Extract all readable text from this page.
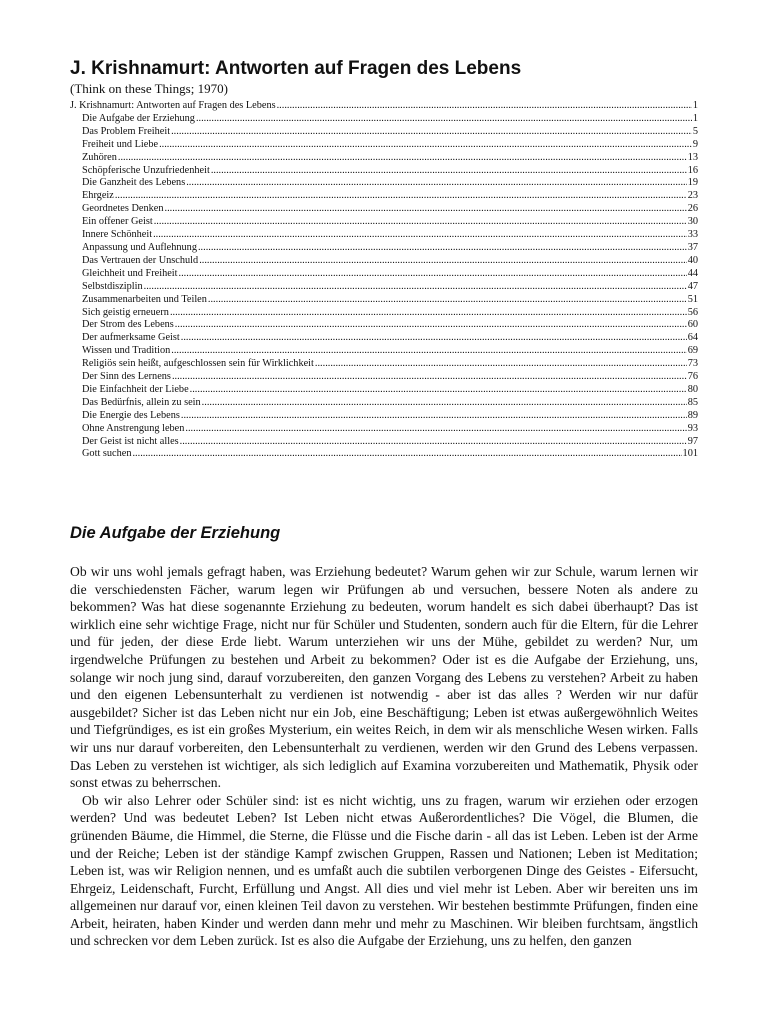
J. Krishnamurt: Antworten auf Fragen des Lebens
(Think on these Things; 1970)
J. Krishnamurt: Antworten auf Fragen des Lebens .....	1
Die Aufgabe der Erziehung .....	1
Das Problem Freiheit .....	5
Freiheit und Liebe .....	9
Zuhören .....	13
Schöpferische Unzufriedenheit .....	16
Die Ganzheit des Lebens .....	19
Ehrgeiz .....	23
Geordnetes Denken .....	26
Ein offener Geist .....	30
Innere Schönheit .....	33
Anpassung und Auflehnung .....	37
Das Vertrauen der Unschuld .....	40
Gleichheit und Freiheit .....	44
Selbstdisziplin .....	47
Zusammenarbeiten und Teilen .....	51
Sich geistig erneuern .....	56
Der Strom des Lebens .....	60
Der aufmerksame Geist .....	64
Wissen und Tradition .....	69
Religiös sein heißt, aufgeschlossen sein für Wirklichkeit .....	73
Der Sinn des Lernens .....	76
Die Einfachheit der Liebe .....	80
Das Bedürfnis, allein zu sein .....	85
Die Energie des Lebens .....	89
Ohne Anstrengung leben .....	93
Der Geist ist nicht alles .....	97
Gott suchen .....	101
Die Aufgabe der Erziehung

Ob wir uns wohl jemals gefragt haben, was Erziehung bedeutet? Warum gehen wir zur Schule, warum lernen wir die verschiedensten Fächer, warum legen wir Prüfungen ab und versuchen, bessere Noten als andere zu bekommen? Was hat diese sogenannte Erziehung zu bedeuten, worum handelt es sich dabei überhaupt? Das ist wirklich eine sehr wichtige Frage, nicht nur für Schüler und Studenten, sondern auch für die Eltern, für die Lehrer und für jeden, der diese Erde liebt. Warum unterziehen wir uns der Mühe, gebildet zu werden? Nur, um irgendwelche Prüfungen zu bestehen und Arbeit zu bekommen? Oder ist es die Aufgabe der Erziehung, uns, solange wir noch jung sind, darauf vorzubereiten, den ganzen Vorgang des Lebens zu verstehen? Arbeit zu haben und den eigenen Lebensunterhalt zu verdienen ist notwendig - aber ist das alles ? Werden wir nur dafür ausgebildet? Sicher ist das Leben nicht nur ein Job, eine Beschäftigung; Leben ist etwas außergewöhnlich Weites und Tiefgründiges, es ist ein großes Mysterium, ein weites Reich, in dem wir als menschliche Wesen wirken. Falls wir uns nur darauf vorbereiten, den Lebensunterhalt zu verdienen, werden wir den Grund des Lebens verpassen. Das Leben zu verstehen ist wichtiger, als sich lediglich auf Examina vorzubereiten und Mathematik, Physik oder sonst etwas zu beherrschen.

Ob wir also Lehrer oder Schüler sind: ist es nicht wichtig, uns zu fragen, warum wir erziehen oder erzogen werden? Und was bedeutet Leben? Ist Leben nicht etwas Außerordentliches? Die Vögel, die Blumen, die grünenden Bäume, die Himmel, die Sterne, die Flüsse und die Fische darin - all das ist Leben. Leben ist der Arme und der Reiche; Leben ist der ständige Kampf zwischen Gruppen, Rassen und Nationen; Leben ist Meditation; Leben ist, was wir Religion nennen, und es umfaßt auch die subtilen verborgenen Dinge des Geistes - Eifersucht, Ehrgeiz, Leidenschaft, Furcht, Erfüllung und Angst. All dies und viel mehr ist Leben. Aber wir bereiten uns im allgemeinen nur darauf vor, einen kleinen Teil davon zu verstehen. Wir bestehen bestimmte Prüfungen, finden eine Arbeit, heiraten, haben Kinder und werden dann mehr und mehr zu Maschinen. Wir bleiben furchtsam, ängstlich und schrecken vor dem Leben zurück. Ist es also die Aufgabe der Erziehung, uns zu helfen, den ganzen
